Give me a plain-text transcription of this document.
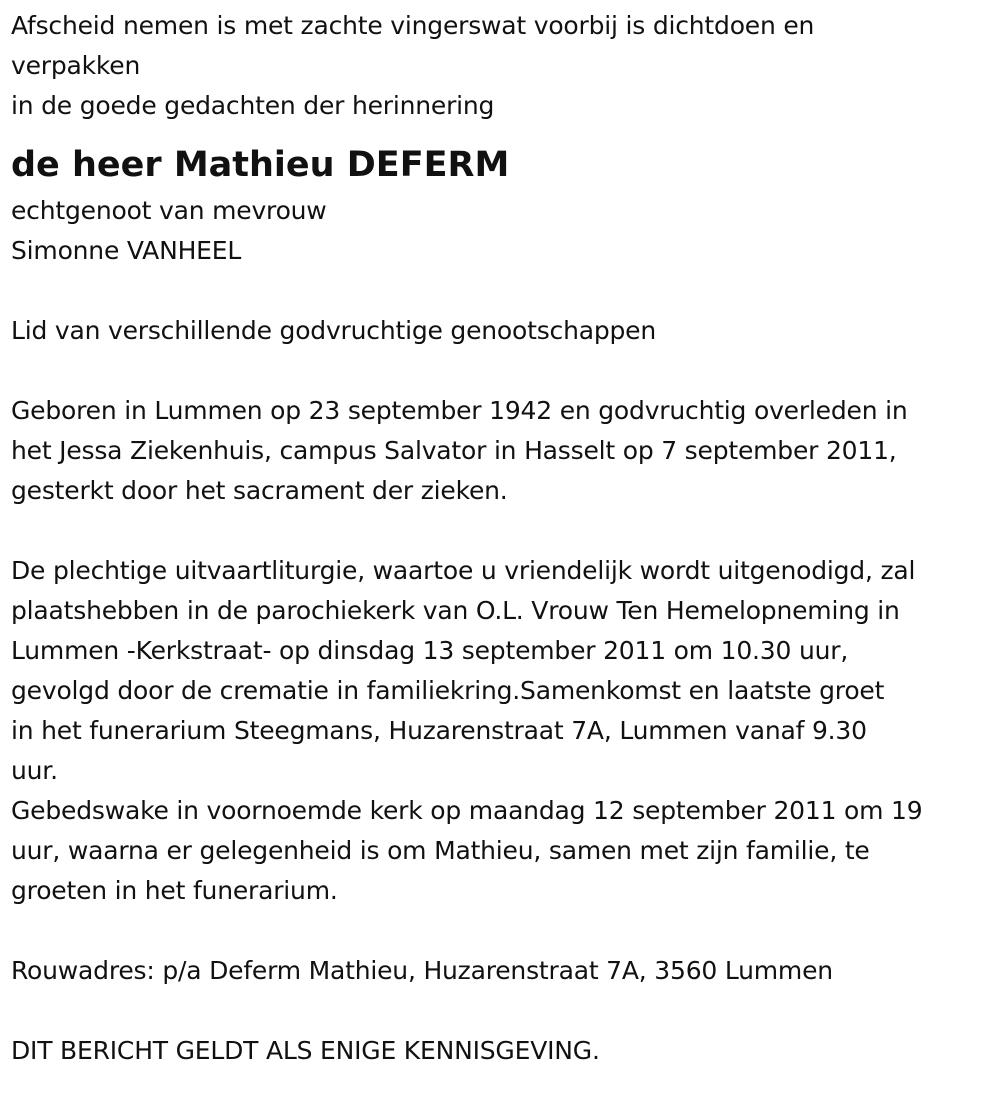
Afscheid nemen is met zachte vingerswat voorbij is dichtdoen en
verpakken
in de goede gedachten der herinnering
de heer Mathieu DEFERM
echtgenoot van mevrouw
Simonne VANHEEL
Lid van verschillende godvruchtige genootschappen
Geboren in Lummen op 23 september 1942 en godvruchtig overleden in
het Jessa Ziekenhuis, campus Salvator in Hasselt op 7 september 2011,
gesterkt door het sacrament der zieken.
De plechtige uitvaartliturgie, waartoe u vriendelijk wordt uitgenodigd, zal
plaatshebben in de parochiekerk van O.L. Vrouw Ten Hemelopneming in
Lummen -Kerkstraat- op dinsdag 13 september 2011 om 10.30 uur,
gevolgd door de crematie in familiekring.Samenkomst en laatste groet
in het funerarium Steegmans, Huzarenstraat 7A, Lummen vanaf 9.30
uur.
Gebedswake in voornoemde kerk op maandag 12 september 2011 om 19
uur, waarna er gelegenheid is om Mathieu, samen met zijn familie, te
groeten in het funerarium.
Rouwadres: p/a Deferm Mathieu, Huzarenstraat 7A, 3560 Lummen
DIT BERICHT GELDT ALS ENIGE KENNISGEVING.
